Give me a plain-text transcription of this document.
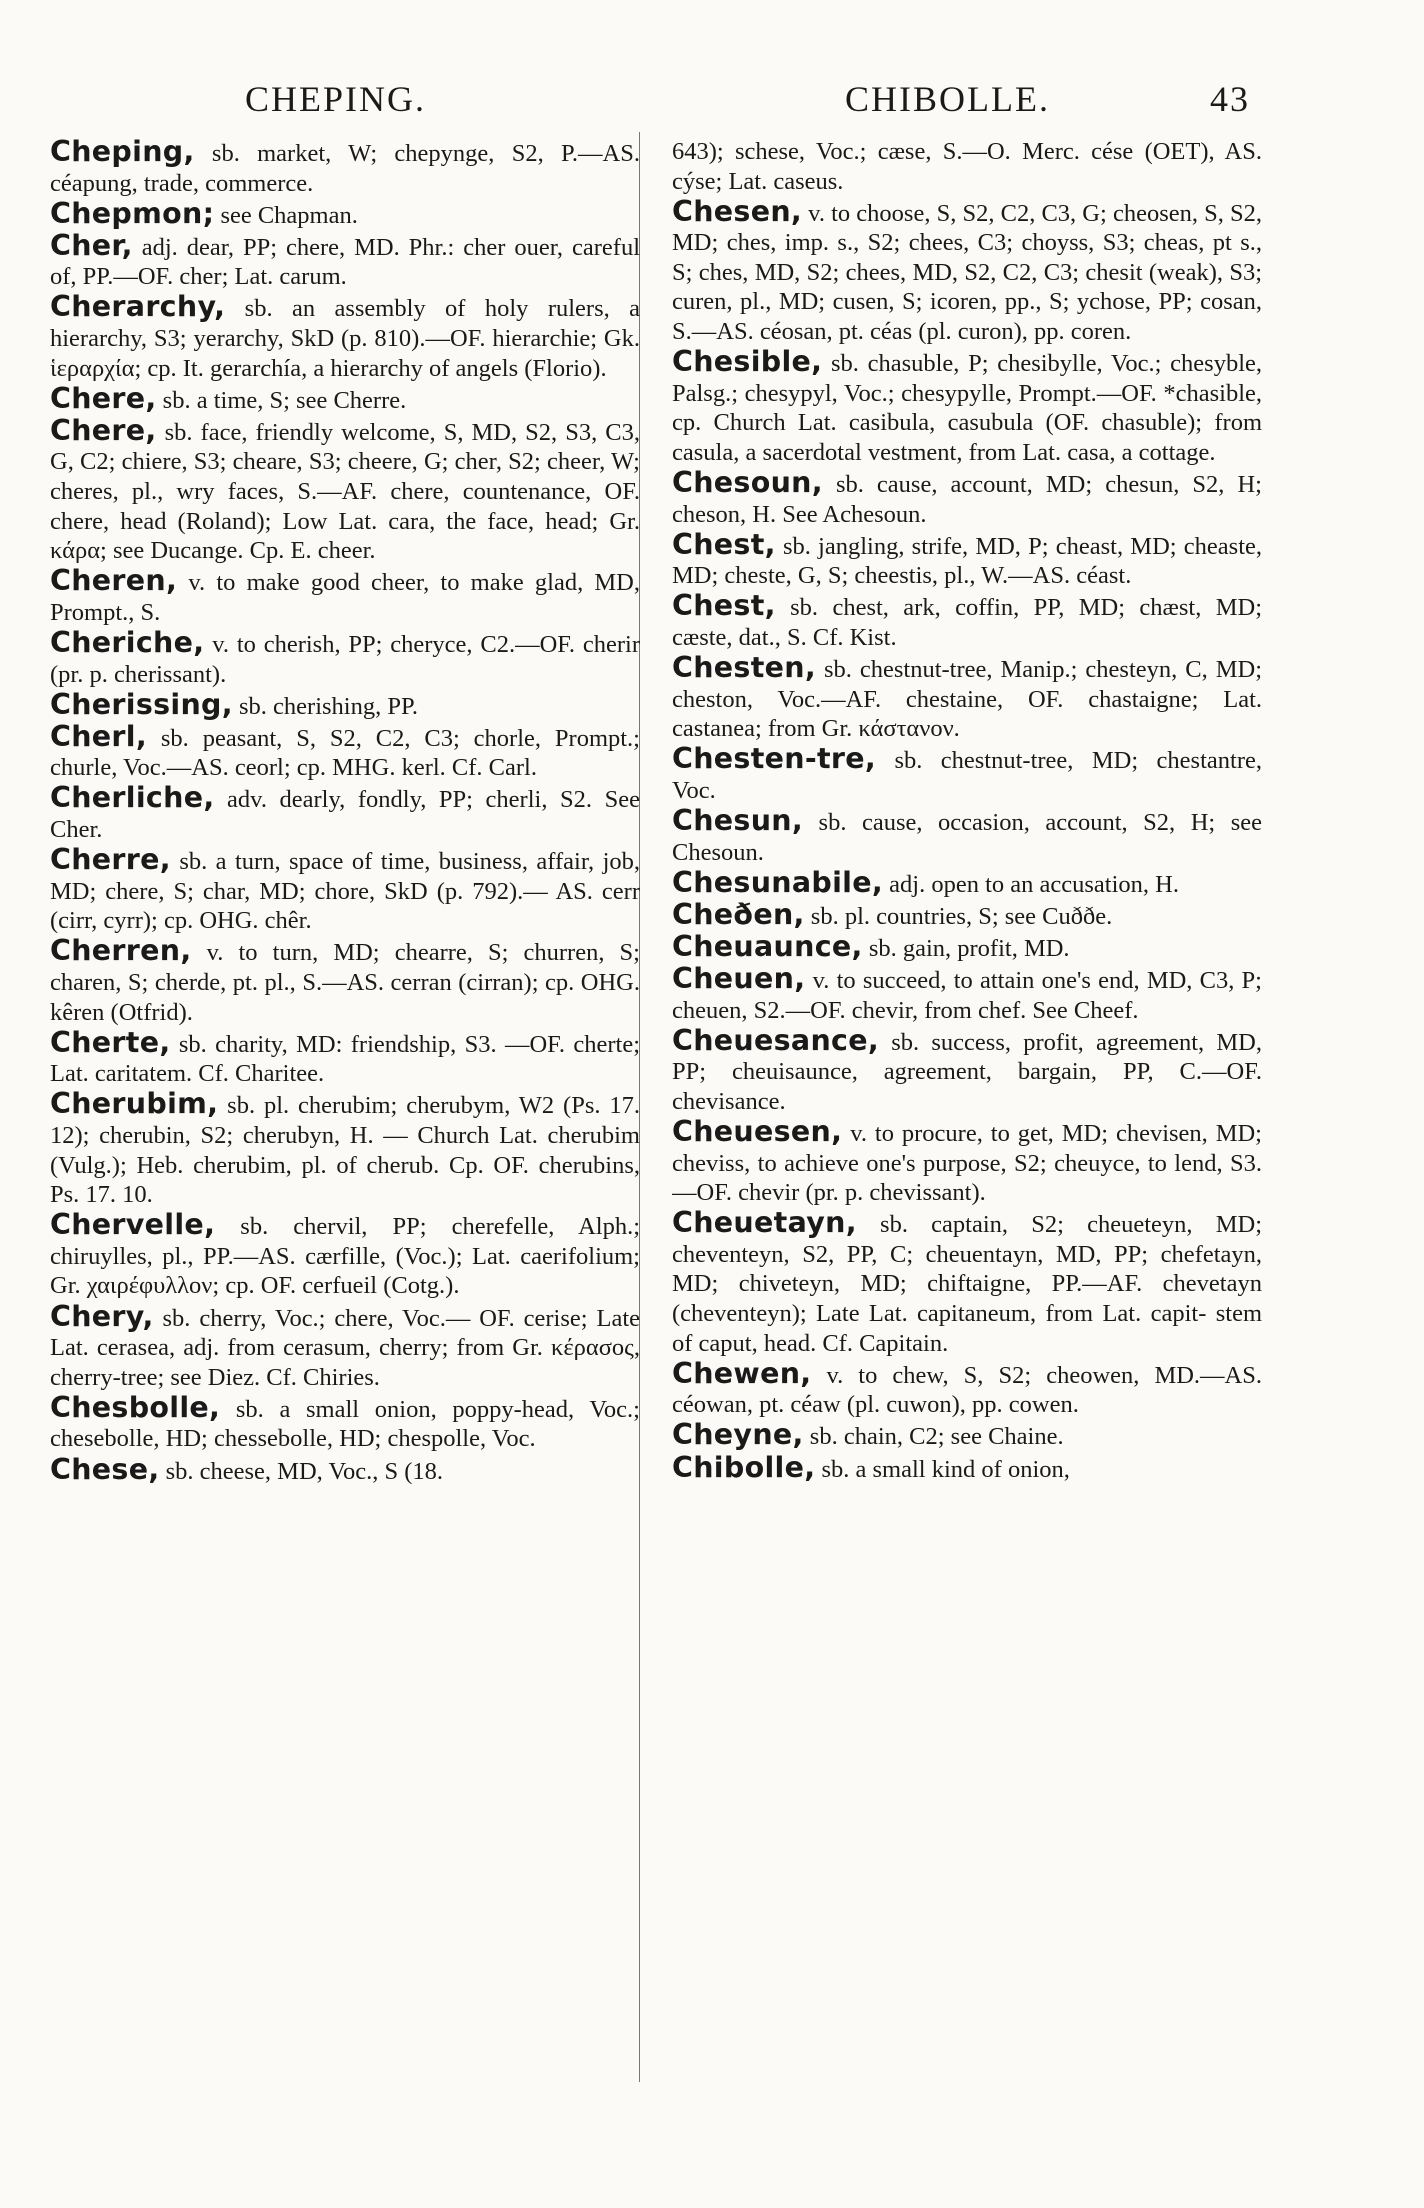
CHEPING.	CHIBOLLE.	43

Cheping, sb. market, W; chepynge, S2, P.—AS. céapung, trade, commerce.

Chepmon; see Chapman.

Cher, adj. dear, PP; chere, MD. Phr.: cher ouer, careful of, PP.—OF. cher; Lat. carum.

Cherarchy, sb. an assembly of holy rulers, a hierarchy, S3; yerarchy, SkD (p. 810).—OF. hierarchie; Gk. ἱεραρχία; cp. It. gerarchía, a hierarchy of angels (Florio).

Chere, sb. a time, S; see Cherre.

Chere, sb. face, friendly welcome, S, MD, S2, S3, C3, G, C2; chiere, S3; cheare, S3; cheere, G; cher, S2; cheer, W; cheres, pl., wry faces, S.—AF. chere, countenance, OF. chere, head (Roland); Low Lat. cara, the face, head; Gr. κάρα; see Ducange. Cp. E. cheer.

Cheren, v. to make good cheer, to make glad, MD, Prompt., S.

Cheriche, v. to cherish, PP; cheryce, C2.—OF. cherir (pr. p. cherissant).

Cherissing, sb. cherishing, PP.

Cherl, sb. peasant, S, S2, C2, C3; chorle, Prompt.; churle, Voc.—AS. ceorl; cp. MHG. kerl. Cf. Carl.

Cherliche, adv. dearly, fondly, PP; cherli, S2. See Cher.

Cherre, sb. a turn, space of time, business, affair, job, MD; chere, S; char, MD; chore, SkD (p. 792).— AS. cerr (cirr, cyrr); cp. OHG. chêr.

Cherren, v. to turn, MD; chearre, S; churren, S; charen, S; cherde, pt. pl., S.—AS. cerran (cirran); cp. OHG. kêren (Otfrid).

Cherte, sb. charity, MD: friendship, S3. —OF. cherte; Lat. caritatem. Cf. Charitee.

Cherubim, sb. pl. cherubim; cherubym, W2 (Ps. 17. 12); cherubin, S2; cherubyn, H. — Church Lat. cherubim (Vulg.); Heb. cherubim, pl. of cherub. Cp. OF. cherubins, Ps. 17. 10.

Chervelle, sb. chervil, PP; cherefelle, Alph.; chiruylles, pl., PP.—AS. cærfille, (Voc.); Lat. caerifolium; Gr. χαιρέφυλλον; cp. OF. cerfueil (Cotg.).

Chery, sb. cherry, Voc.; chere, Voc.— OF. cerise; Late Lat. cerasea, adj. from cerasum, cherry; from Gr. κέρασος, cherry-tree; see Diez. Cf. Chiries.

Chesbolle, sb. a small onion, poppy-head, Voc.; chesebolle, HD; chessebolle, HD; chespolle, Voc.

Chese, sb. cheese, MD, Voc., S (18.

643); schese, Voc.; cæse, S.—O. Merc. cése (OET), AS. cýse; Lat. caseus.

Chesen, v. to choose, S, S2, C2, C3, G; cheosen, S, S2, MD; ches, imp. s., S2; chees, C3; choyss, S3; cheas, pt s., S; ches, MD, S2; chees, MD, S2, C2, C3; chesit (weak), S3; curen, pl., MD; cusen, S; icoren, pp., S; ychose, PP; cosan, S.—AS. céosan, pt. céas (pl. curon), pp. coren.

Chesible, sb. chasuble, P; chesibylle, Voc.; chesyble, Palsg.; chesypyl, Voc.; chesypylle, Prompt.—OF. *chasible, cp. Church Lat. casibula, casubula (OF. chasuble); from casula, a sacerdotal vestment, from Lat. casa, a cottage.

Chesoun, sb. cause, account, MD; chesun, S2, H; cheson, H. See Achesoun.

Chest, sb. jangling, strife, MD, P; cheast, MD; cheaste, MD; cheste, G, S; cheestis, pl., W.—AS. céast.

Chest, sb. chest, ark, coffin, PP, MD; chæst, MD; cæste, dat., S. Cf. Kist.

Chesten, sb. chestnut-tree, Manip.; chesteyn, C, MD; cheston, Voc.—AF. chestaine, OF. chastaigne; Lat. castanea; from Gr. κάστανον.

Chesten-tre, sb. chestnut-tree, MD; chestantre, Voc.

Chesun, sb. cause, occasion, account, S2, H; see Chesoun.

Chesunabile, adj. open to an accusation, H.

Cheðen, sb. pl. countries, S; see Cuððe.

Cheuaunce, sb. gain, profit, MD.

Cheuen, v. to succeed, to attain one's end, MD, C3, P; cheuen, S2.—OF. chevir, from chef. See Cheef.

Cheuesance, sb. success, profit, agreement, MD, PP; cheuisaunce, agreement, bargain, PP, C.—OF. chevisance.

Cheuesen, v. to procure, to get, MD; chevisen, MD; cheviss, to achieve one's purpose, S2; cheuyce, to lend, S3.—OF. chevir (pr. p. chevissant).

Cheuetayn, sb. captain, S2; cheueteyn, MD; cheventeyn, S2, PP, C; cheuentayn, MD, PP; chefetayn, MD; chiveteyn, MD; chiftaigne, PP.—AF. chevetayn (cheventeyn); Late Lat. capitaneum, from Lat. capit- stem of caput, head. Cf. Capitain.

Chewen, v. to chew, S, S2; cheowen, MD.—AS. céowan, pt. céaw (pl. cuwon), pp. cowen.

Cheyne, sb. chain, C2; see Chaine.

Chibolle, sb. a small kind of onion,
